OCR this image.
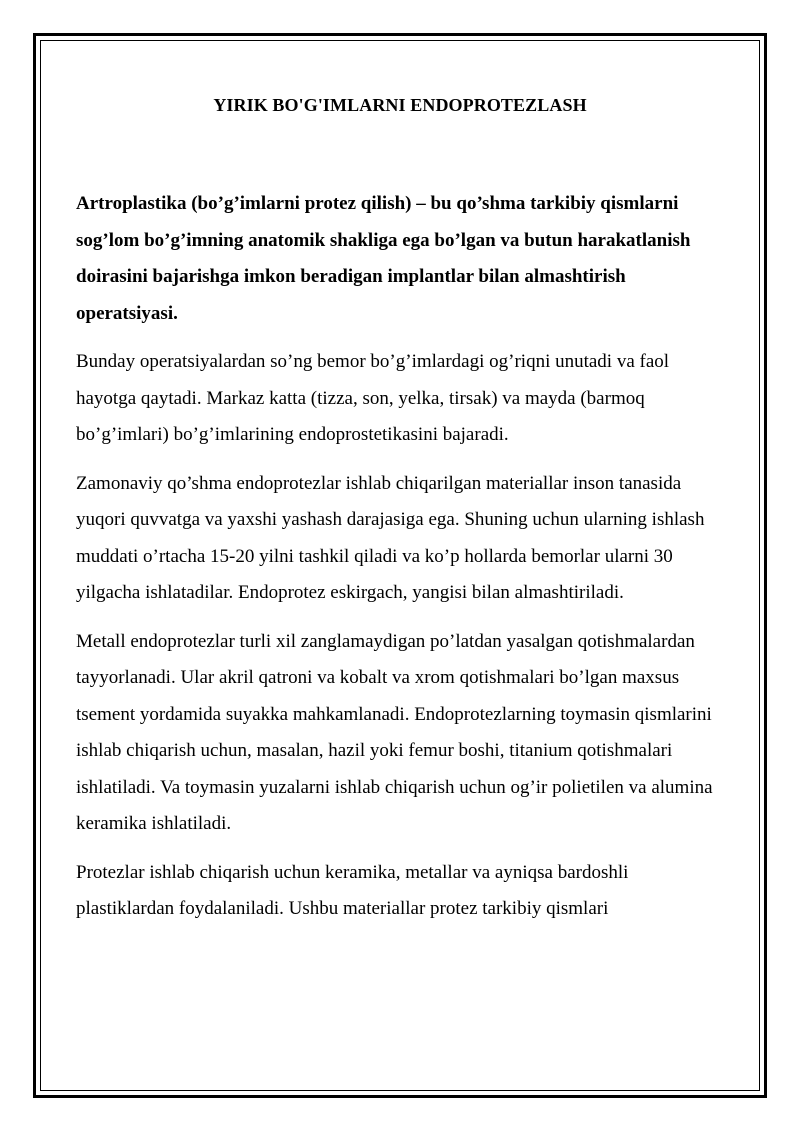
YIRIK BO'G'IMLARNI ENDOPROTEZLASH

Artroplastika (bo’g’imlarni protez qilish) – bu qo’shma tarkibiy qismlarni sog’lom bo’g’imning anatomik shakliga ega bo’lgan va butun harakatlanish doirasini bajarishga imkon beradigan implantlar bilan almashtirish operatsiyasi.

Bunday operatsiyalardan so’ng bemor bo’g’imlardagi og’riqni unutadi va faol hayotga qaytadi. Markaz katta (tizza, son, yelka, tirsak) va mayda (barmoq bo’g’imlari) bo’g’imlarining endoprostetikasini bajaradi.

Zamonaviy qo’shma endoprotezlar ishlab chiqarilgan materiallar inson tanasida yuqori quvvatga va yaxshi yashash darajasiga ega. Shuning uchun ularning ishlash muddati o’rtacha 15-20 yilni tashkil qiladi va ko’p hollarda bemorlar ularni 30 yilgacha ishlatadilar. Endoprotez eskirgach, yangisi bilan almashtiriladi.

Metall endoprotezlar turli xil zanglamaydigan po’latdan yasalgan qotishmalardan tayyorlanadi. Ular akril qatroni va kobalt va xrom qotishmalari bo’lgan maxsus tsement yordamida suyakka mahkamlanadi. Endoprotezlarning toymasin qismlarini ishlab chiqarish uchun, masalan, hazil yoki femur boshi, titanium qotishmalari ishlatiladi. Va toymasin yuzalarni ishlab chiqarish uchun og’ir polietilen va alumina keramika ishlatiladi.

Protezlar ishlab chiqarish uchun keramika, metallar va ayniqsa bardoshli plastiklardan foydalaniladi. Ushbu materiallar protez tarkibiy qismlari
